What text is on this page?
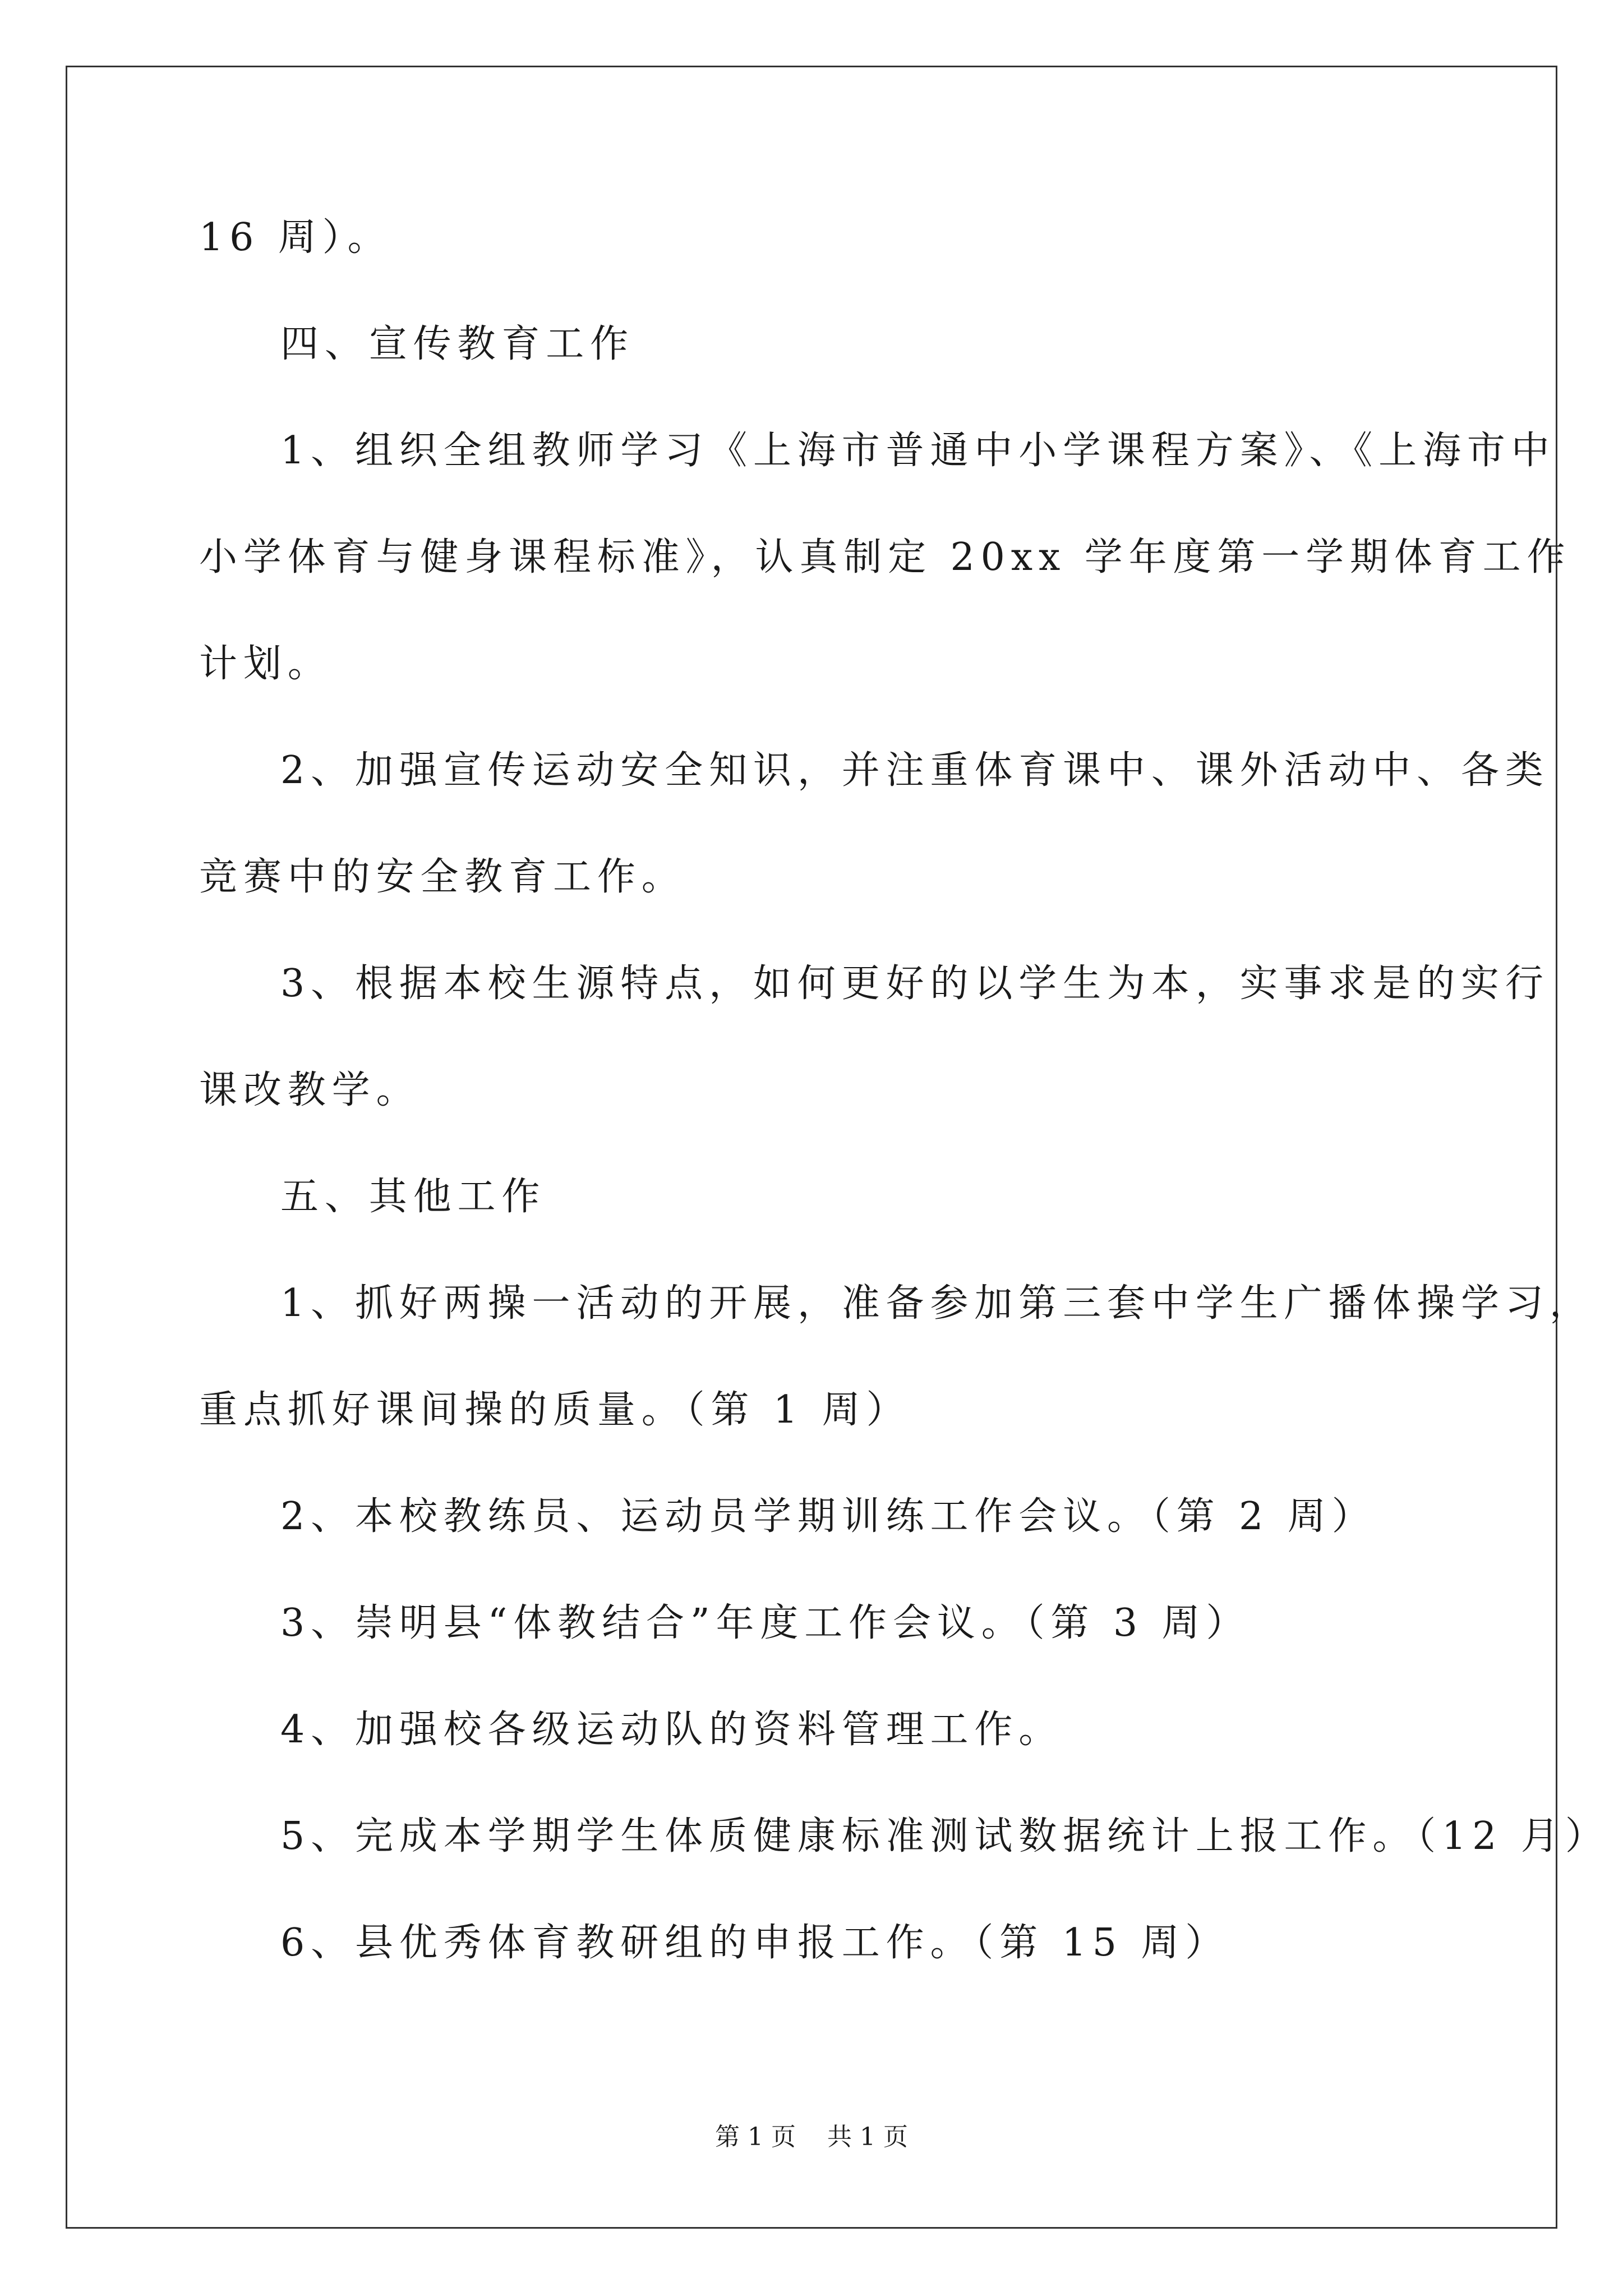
16 周）。
四、宣传教育工作
1、组织全组教师学习《上海市普通中小学课程方案》、《上海市中
小学体育与健身课程标准》，认真制定 20xx 学年度第一学期体育工作
计划。
2、加强宣传运动安全知识，并注重体育课中、课外活动中、各类
竞赛中的安全教育工作。
3、根据本校生源特点，如何更好的以学生为本，实事求是的实行
课改教学。
五、其他工作
1、抓好两操一活动的开展，准备参加第三套中学生广播体操学习，
重点抓好课间操的质量。（第 1 周）
2、本校教练员、运动员学期训练工作会议。（第 2 周）
3、崇明县“体教结合”年度工作会议。（第 3 周）
4、加强校各级运动队的资料管理工作。
5、完成本学期学生体质健康标准测试数据统计上报工作。（12 月）
6、县优秀体育教研组的申报工作。（第 15 周）
第 1 页 共 1 页
